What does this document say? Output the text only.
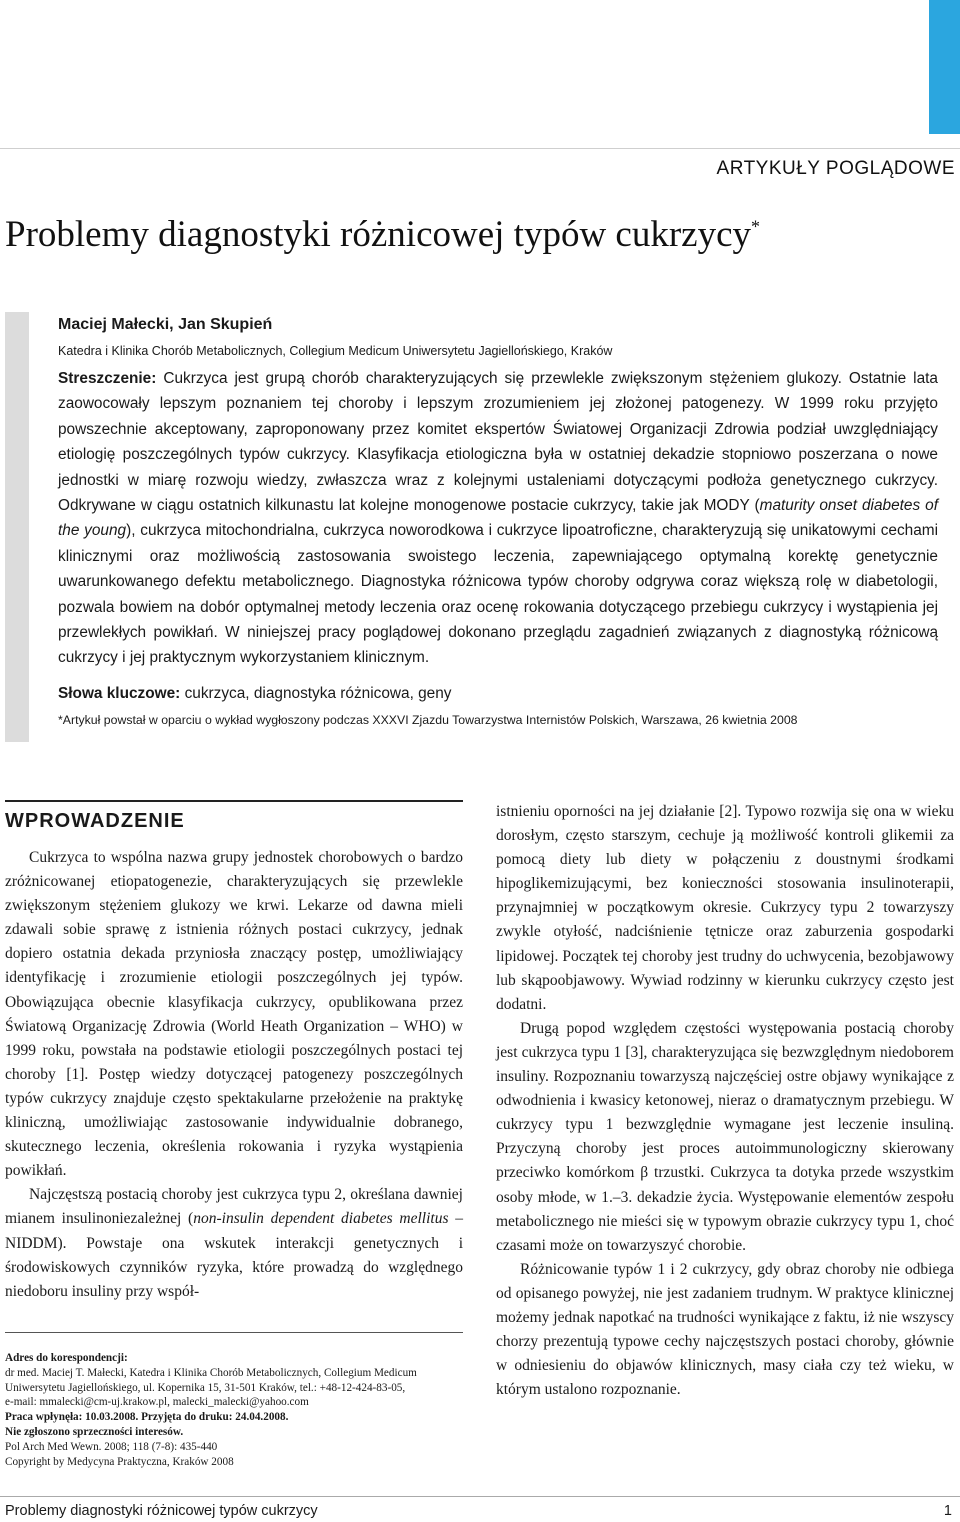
ARTYKUŁY POGLĄDOWE
Problemy diagnostyki różnicowej typów cukrzycy*

Maciej Małecki, Jan Skupień

Katedra i Klinika Chorób Metabolicznych, Collegium Medicum Uniwersytetu Jagiellońskiego, Kraków

Streszczenie: Cukrzyca jest grupą chorób charakteryzujących się przewlekle zwiększonym stężeniem glukozy. Ostatnie lata zaowocowały lepszym poznaniem tej choroby i lepszym zrozumieniem jej złożonej patogenezy. W 1999 roku przyjęto powszechnie akceptowany, zaproponowany przez komitet ekspertów Światowej Organizacji Zdrowia podział uwzględniający etiologię poszczególnych typów cukrzycy. Klasyfikacja etiologiczna była w ostatniej dekadzie stopniowo poszerzana o nowe jednostki w miarę rozwoju wiedzy, zwłaszcza wraz z kolejnymi ustaleniami dotyczącymi podłoża genetycznego cukrzycy. Odkrywane w ciągu ostatnich kilkunastu lat kolejne monogenowe postacie cukrzycy, takie jak MODY (maturity onset diabetes of the young), cukrzyca mitochondrialna, cukrzyca noworodkowa i cukrzyce lipoatroficzne, charakteryzują się unikatowymi cechami klinicznymi oraz możliwością zastosowania swoistego leczenia, zapewniającego optymalną korektę genetycznie uwarunkowanego defektu metabolicznego. Diagnostyka różnicowa typów choroby odgrywa coraz większą rolę w diabetologii, pozwala bowiem na dobór optymalnej metody leczenia oraz ocenę rokowania dotyczącego przebiegu cukrzycy i wystąpienia jej przewlekłych powikłań. W niniejszej pracy poglądowej dokonano przeglądu zagadnień związanych z diagnostyką różnicową cukrzycy i jej praktycznym wykorzystaniem klinicznym.

Słowa kluczowe: cukrzyca, diagnostyka różnicowa, geny

*Artykuł powstał w oparciu o wykład wygłoszony podczas XXXVI Zjazdu Towarzystwa Internistów Polskich, Warszawa, 26 kwietnia 2008

WPROWADZENIE

Cukrzyca to wspólna nazwa grupy jednostek chorobowych o bardzo zróżnicowanej etiopatogenezie, charakteryzujących się przewlekle zwiększonym stężeniem glukozy we krwi. Lekarze od dawna mieli zdawali sobie sprawę z istnienia różnych postaci cukrzycy, jednak dopiero ostatnia dekada przyniosła znaczący postęp, umożliwiający identyfikację i zrozumienie etiologii poszczególnych jej typów. Obowiązująca obecnie klasyfikacja cukrzycy, opublikowana przez Światową Organizację Zdrowia (World Heath Organization – WHO) w 1999 roku, powstała na podstawie etiologii poszczególnych postaci tej choroby [1]. Postęp wiedzy dotyczącej patogenezy poszczególnych typów cukrzycy znajduje często spektakularne przełożenie na praktykę kliniczną, umożliwiając zastosowanie indywidualnie dobranego, skutecznego leczenia, określenia rokowania i ryzyka wystąpienia powikłań.

Najczęstszą postacią choroby jest cukrzyca typu 2, określana dawniej mianem insulinoniezależnej (non-insulin dependent diabetes mellitus – NIDDM). Powstaje ona wskutek interakcji genetycznych i środowiskowych czynników ryzyka, które prowadzą do względnego niedoboru insuliny przy współ-

istnieniu oporności na jej działanie [2]. Typowo rozwija się ona w wieku dorosłym, często starszym, cechuje ją możliwość kontroli glikemii za pomocą diety lub diety w połączeniu z doustnymi środkami hipoglikemizującymi, bez konieczności stosowania insulinoterapii, przynajmniej w początkowym okresie. Cukrzycy typu 2 towarzyszy zwykle otyłość, nadciśnienie tętnicze oraz zaburzenia gospodarki lipidowej. Początek tej choroby jest trudny do uchwycenia, bezobjawowy lub skąpoobjawowy. Wywiad rodzinny w kierunku cukrzycy często jest dodatni.

Drugą popod względem częstości występowania postacią choroby jest cukrzyca typu 1 [3], charakteryzująca się bezwzględnym niedoborem insuliny. Rozpoznaniu towarzyszą najczęściej ostre objawy wynikające z odwodnienia i kwasicy ketonowej, nieraz o dramatycznym przebiegu. W cukrzycy typu 1 bezwzględnie wymagane jest leczenie insuliną. Przyczyną choroby jest proces autoimmunologiczny skierowany przeciwko komórkom β trzustki. Cukrzyca ta dotyka przede wszystkim osoby młode, w 1.–3. dekadzie życia. Występowanie elementów zespołu metabolicznego nie mieści się w typowym obrazie cukrzycy typu 1, choć czasami może on towarzyszyć chorobie.

Różnicowanie typów 1 i 2 cukrzycy, gdy obraz choroby nie odbiega od opisanego powyżej, nie jest zadaniem trudnym. W praktyce klinicznej możemy jednak napotkać na trudności wynikające z faktu, iż nie wszyscy chorzy prezentują typowe cechy najczęstszych postaci choroby, głównie w odniesieniu do objawów klinicznych, masy ciała czy też wieku, w którym ustalono rozpoznanie.

Adres do korespondencji:
dr med. Maciej T. Małecki, Katedra i Klinika Chorób Metabolicznych, Collegium Medicum
Uniwersytetu Jagiellońskiego, ul. Kopernika 15, 31-501 Kraków, tel.: +48-12-424-83-05,
e-mail: mmalecki@cm-uj.krakow.pl, malecki_malecki@yahoo.com
Praca wpłynęła: 10.03.2008. Przyjęta do druku: 24.04.2008.
Nie zgłoszono sprzeczności interesów.
Pol Arch Med Wewn. 2008; 118 (7-8): 435-440
Copyright by Medycyna Praktyczna, Kraków 2008
Problemy diagnostyki różnicowej typów cukrzycy	1
